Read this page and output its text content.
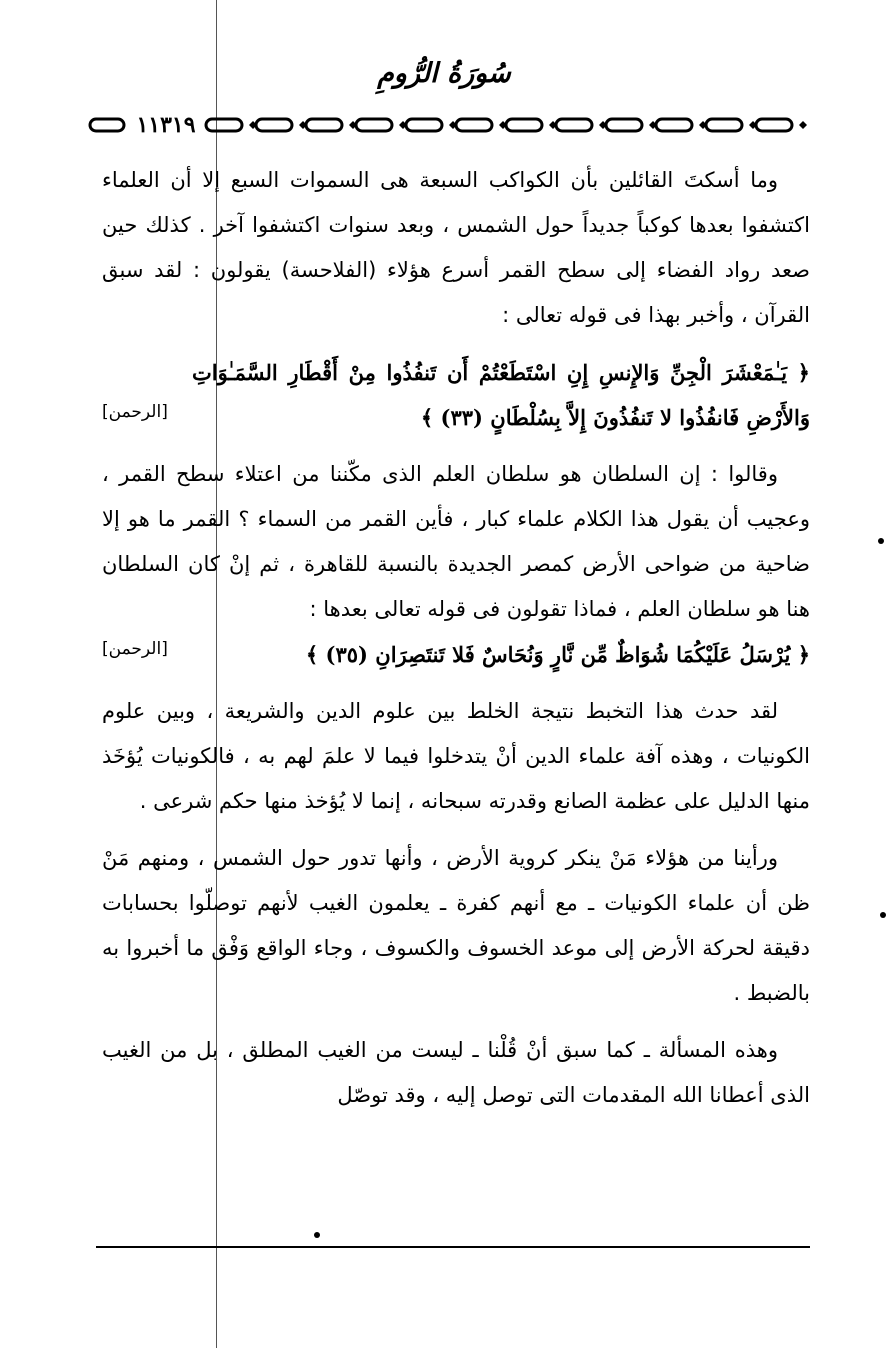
سُورَةُ الرُّومِ
١١٣١٩

وما أسكتَ القائلين بأن الكواكب السبعة هى السموات السبع إلا أن العلماء اكتشفوا بعدها كوكباً جديداً حول الشمس ، وبعد سنوات اكتشفوا آخر . كذلك حين صعد رواد الفضاء إلى سطح القمر أسرع هؤلاء (الفلاحسة) يقولون : لقد سبق القرآن ، وأخبر بهذا فى قوله تعالى :

﴿ يَـٰمَعْشَرَ الْجِنِّ وَالإِنسِ إِنِ اسْتَطَعْتُمْ أَن تَنفُذُوا مِنْ أَقْطَارِ السَّمَـٰوَاتِ وَالأَرْضِ فَانفُذُوا لا تَنفُذُونَ إِلاَّ بِسُلْطَانٍ (٣٣) ﴾
[الرحمن]

وقالوا : إن السلطان هو سلطان العلم الذى مكّننا من اعتلاء سطح القمر ، وعجيب أن يقول هذا الكلام علماء كبار ، فأين القمر من السماء ؟ القمر ما هو إلا ضاحية من ضواحى الأرض كمصر الجديدة بالنسبة للقاهرة ، ثم إنْ كان السلطان هنا هو سلطان العلم ، فماذا تقولون فى قوله تعالى بعدها :

﴿ يُرْسَلُ عَلَيْكُمَا شُوَاظٌ مِّن نَّارٍ وَنُحَاسٌ فَلا تَنتَصِرَانِ (٣٥) ﴾
[الرحمن]

لقد حدث هذا التخبط نتيجة الخلط بين علوم الدين والشريعة ، وبين علوم الكونيات ، وهذه آفة علماء الدين أنْ يتدخلوا فيما لا علمَ لهم به ، فالكونيات يُؤخَذ منها الدليل على عظمة الصانع وقدرته سبحانه ، إنما لا يُؤخذ منها حكم شرعى .

ورأينا من هؤلاء مَنْ ينكر كروية الأرض ، وأنها تدور حول الشمس ، ومنهم مَنْ ظن أن علماء الكونيات ـ مع أنهم كفرة ـ يعلمون الغيب لأنهم توصلّوا بحسابات دقيقة لحركة الأرض إلى موعد الخسوف والكسوف ، وجاء الواقع وَفْق ما أخبروا به بالضبط .

وهذه المسألة ـ كما سبق أنْ قُلْنا ـ ليست من الغيب المطلق ، بل من الغيب الذى أعطانا الله المقدمات التى توصل إليه ، وقد توصّل
